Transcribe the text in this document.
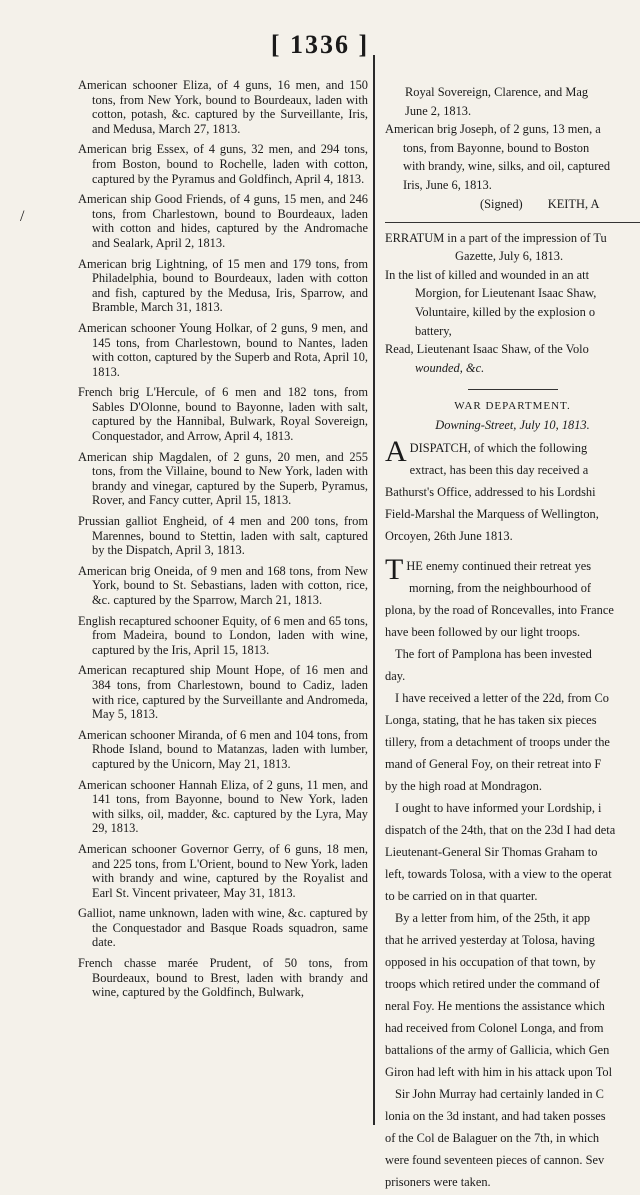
[ 1336 ]
/

American schooner Eliza, of 4 guns, 16 men, and 150 tons, from New York, bound to Bourdeaux, laden with cotton, potash, &c. captured by the Surveillante, Iris, and Medusa, March 27, 1813.

American brig Essex, of 4 guns, 32 men, and 294 tons, from Boston, bound to Rochelle, laden with cotton, captured by the Pyramus and Goldfinch, April 4, 1813.

American ship Good Friends, of 4 guns, 15 men, and 246 tons, from Charlestown, bound to Bourdeaux, laden with cotton and hides, captured by the Andromache and Sealark, April 2, 1813.

American brig Lightning, of 15 men and 179 tons, from Philadelphia, bound to Bourdeaux, laden with cotton and fish, captured by the Medusa, Iris, Sparrow, and Bramble, March 31, 1813.

American schooner Young Holkar, of 2 guns, 9 men, and 145 tons, from Charlestown, bound to Nantes, laden with cotton, captured by the Superb and Rota, April 10, 1813.

French brig L'Hercule, of 6 men and 182 tons, from Sables D'Olonne, bound to Bayonne, laden with salt, captured by the Hannibal, Bulwark, Royal Sovereign, Conquestador, and Arrow, April 4, 1813.

American ship Magdalen, of 2 guns, 20 men, and 255 tons, from the Villaine, bound to New York, laden with brandy and vinegar, captured by the Superb, Pyramus, Rover, and Fancy cutter, April 15, 1813.

Prussian galliot Engheid, of 4 men and 200 tons, from Marennes, bound to Stettin, laden with salt, captured by the Dispatch, April 3, 1813.

American brig Oneida, of 9 men and 168 tons, from New York, bound to St. Sebastians, laden with cotton, rice, &c. captured by the Sparrow, March 21, 1813.

English recaptured schooner Equity, of 6 men and 65 tons, from Madeira, bound to London, laden with wine, captured by the Iris, April 15, 1813.

American recaptured ship Mount Hope, of 16 men and 384 tons, from Charlestown, bound to Cadiz, laden with rice, captured by the Surveillante and Andromeda, May 5, 1813.

American schooner Miranda, of 6 men and 104 tons, from Rhode Island, bound to Matanzas, laden with lumber, captured by the Unicorn, May 21, 1813.

American schooner Hannah Eliza, of 2 guns, 11 men, and 141 tons, from Bayonne, bound to New York, laden with silks, oil, madder, &c. captured by the Lyra, May 29, 1813.

American schooner Governor Gerry, of 6 guns, 18 men, and 225 tons, from L'Orient, bound to New York, laden with brandy and wine, captured by the Royalist and Earl St. Vincent privateer, May 31, 1813.

Galliot, name unknown, laden with wine, &c. captured by the Conquestador and Basque Roads squadron, same date.

French chasse marée Prudent, of 50 tons, from Bourdeaux, bound to Brest, laden with brandy and wine, captured by the Goldfinch, Bulwark,

Royal Sovereign, Clarence, and Mag
June 2, 1813.
American brig Joseph, of 2 guns, 13 men, a
tons, from Bayonne, bound to Boston
with brandy, wine, silks, and oil, captured
Iris, June 6, 1813.
(Signed) KEITH, A
ERRATUM in a part of the impression of Tu
Gazette, July 6, 1813.
In the list of killed and wounded in an att
Morgion, for Lieutenant Isaac Shaw,
Voluntaire, killed by the explosion o
battery,
Read, Lieutenant Isaac Shaw, of the Volo
wounded, &c.
WAR DEPARTMENT.
Downing-Street, July 10, 1813.
A DISPATCH, of which the following
extract, has been this day received a
Bathurst's Office, addressed to his Lordshi
Field-Marshal the Marquess of Wellington,
Orcoyen, 26th June 1813.
T HE enemy continued their retreat yes
morning, from the neighbourhood of
plona, by the road of Roncevalles, into France
have been followed by our light troops.
The fort of Pamplona has been invested
day.
I have received a letter of the 22d, from Co
Longa, stating, that he has taken six pieces
tillery, from a detachment of troops under the
mand of General Foy, on their retreat into F
by the high road at Mondragon.
I ought to have informed your Lordship, i
dispatch of the 24th, that on the 23d I had deta
Lieutenant-General Sir Thomas Graham to
left, towards Tolosa, with a view to the operat
to be carried on in that quarter.
By a letter from him, of the 25th, it app
that he arrived yesterday at Tolosa, having
opposed in his occupation of that town, by
troops which retired under the command of
neral Foy. He mentions the assistance which
had received from Colonel Longa, and from
battalions of the army of Gallicia, which Gen
Giron had left with him in his attack upon Tol
Sir John Murray had certainly landed in C
lonia on the 3d instant, and had taken posses
of the Col de Balaguer on the 7th, in which
were found seventeen pieces of cannon. Sev
prisoners were taken.
